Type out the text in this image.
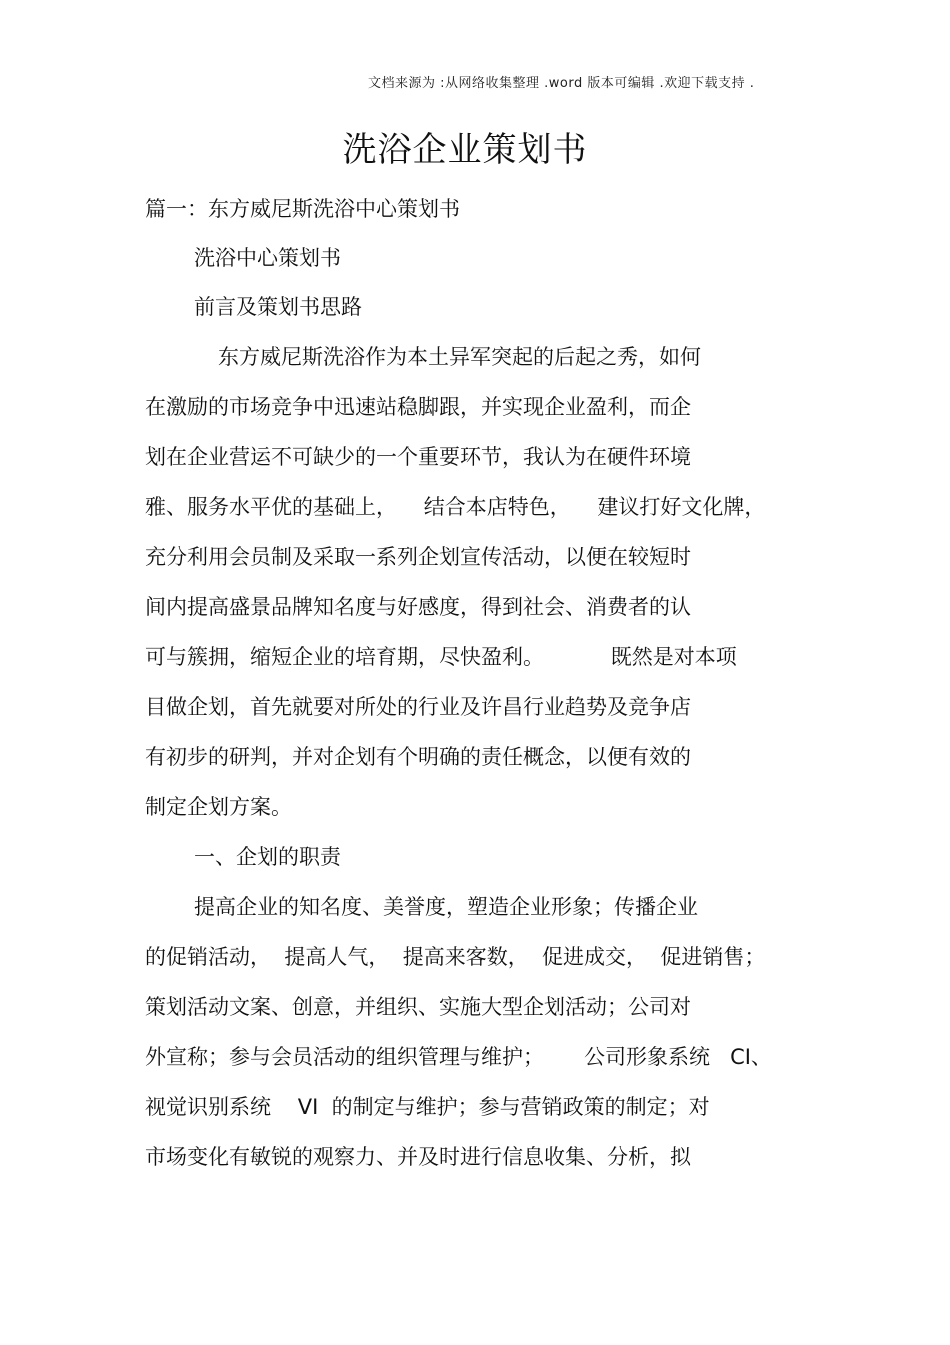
文档来源为 :从网络收集整理 .word 版本可编辑 .欢迎下载支持 .
洗浴企业策划书
篇一：东方威尼斯洗浴中心策划书
洗浴中心策划书
前言及策划书思路
东方威尼斯洗浴作为本土异军突起的后起之秀，如何
在激励的市场竞争中迅速站稳脚跟，并实现企业盈利，而企
划在企业营运不可缺少的一个重要环节，我认为在硬件环境
雅、服务水平优的基础上，    结合本店特色，    建议打好文化牌，
充分利用会员制及采取一系列企划宣传活动，以便在较短时
间内提高盛景品牌知名度与好感度，得到社会、消费者的认
可与簇拥，缩短企业的培育期，尽快盈利。          既然是对本项
目做企划，首先就要对所处的行业及许昌行业趋势及竞争店
有初步的研判，并对企划有个明确的责任概念，以便有效的
制定企划方案。
一、企划的职责
提高企业的知名度、美誉度，塑造企业形象；传播企业
的促销活动，  提高人气，  提高来客数，  促进成交，  促进销售；
策划活动文案、创意，并组织、实施大型企划活动；公司对
外宣称；参与会员活动的组织管理与维护；      公司形象系统   CI、
视觉识别系统    VI  的制定与维护；参与营销政策的制定；对
市场变化有敏锐的观察力、并及时进行信息收集、分析，拟
